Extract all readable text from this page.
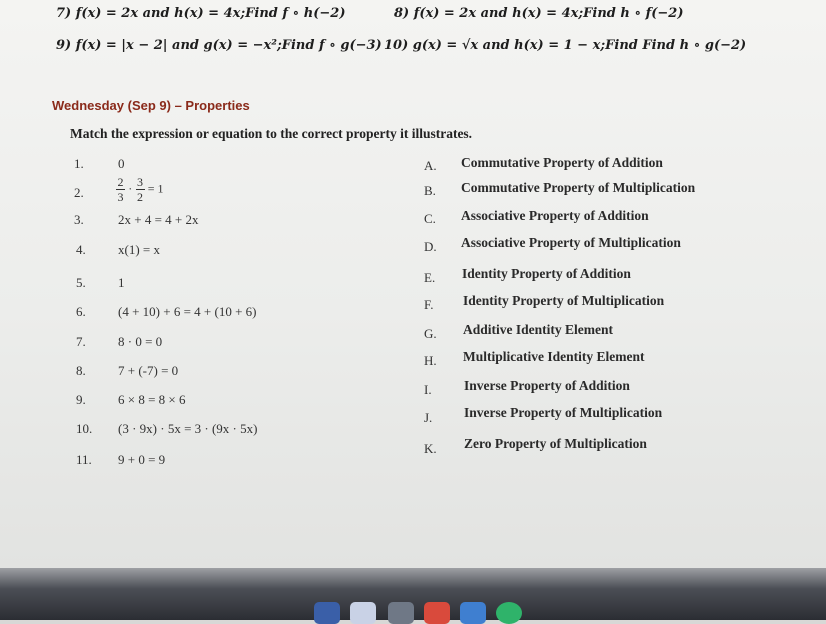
7) f(x) = 2x and h(x) = 4x;Find f ∘ h(−2)	8) f(x) = 2x and h(x) = 4x;Find h ∘ f(−2)
9) f(x) = |x − 2| and g(x) = −x²;Find f ∘ g(−3) 10) g(x) = √x and h(x) = 1 − x;Find Find h ∘ g(−2)
Wednesday (Sep 9) – Properties
Match the expression or equation to the correct property it illustrates.
1.	0
2.	$\frac{2}{3} \cdot \frac{3}{2} = 1$
3.	2x + 4 = 4 + 2x
4. x(1) = x
5. 1
6. (4 + 10) + 6 = 4 + (10 + 6)
7. 8 · 0 = 0
8. 7 + (-7) = 0
9. 6 × 8 = 8 × 6
10. (3 · 9x) · 5x = 3 · (9x · 5x)
11. 9 + 0 = 9
A. Commutative Property of Addition
B. Commutative Property of Multiplication
C. Associative Property of Addition
D. Associative Property of Multiplication
E. Identity Property of Addition
F. Identity Property of Multiplication
G. Additive Identity Element
H. Multiplicative Identity Element
I. Inverse Property of Addition
J. Inverse Property of Multiplication
K. Zero Property of Multiplication
